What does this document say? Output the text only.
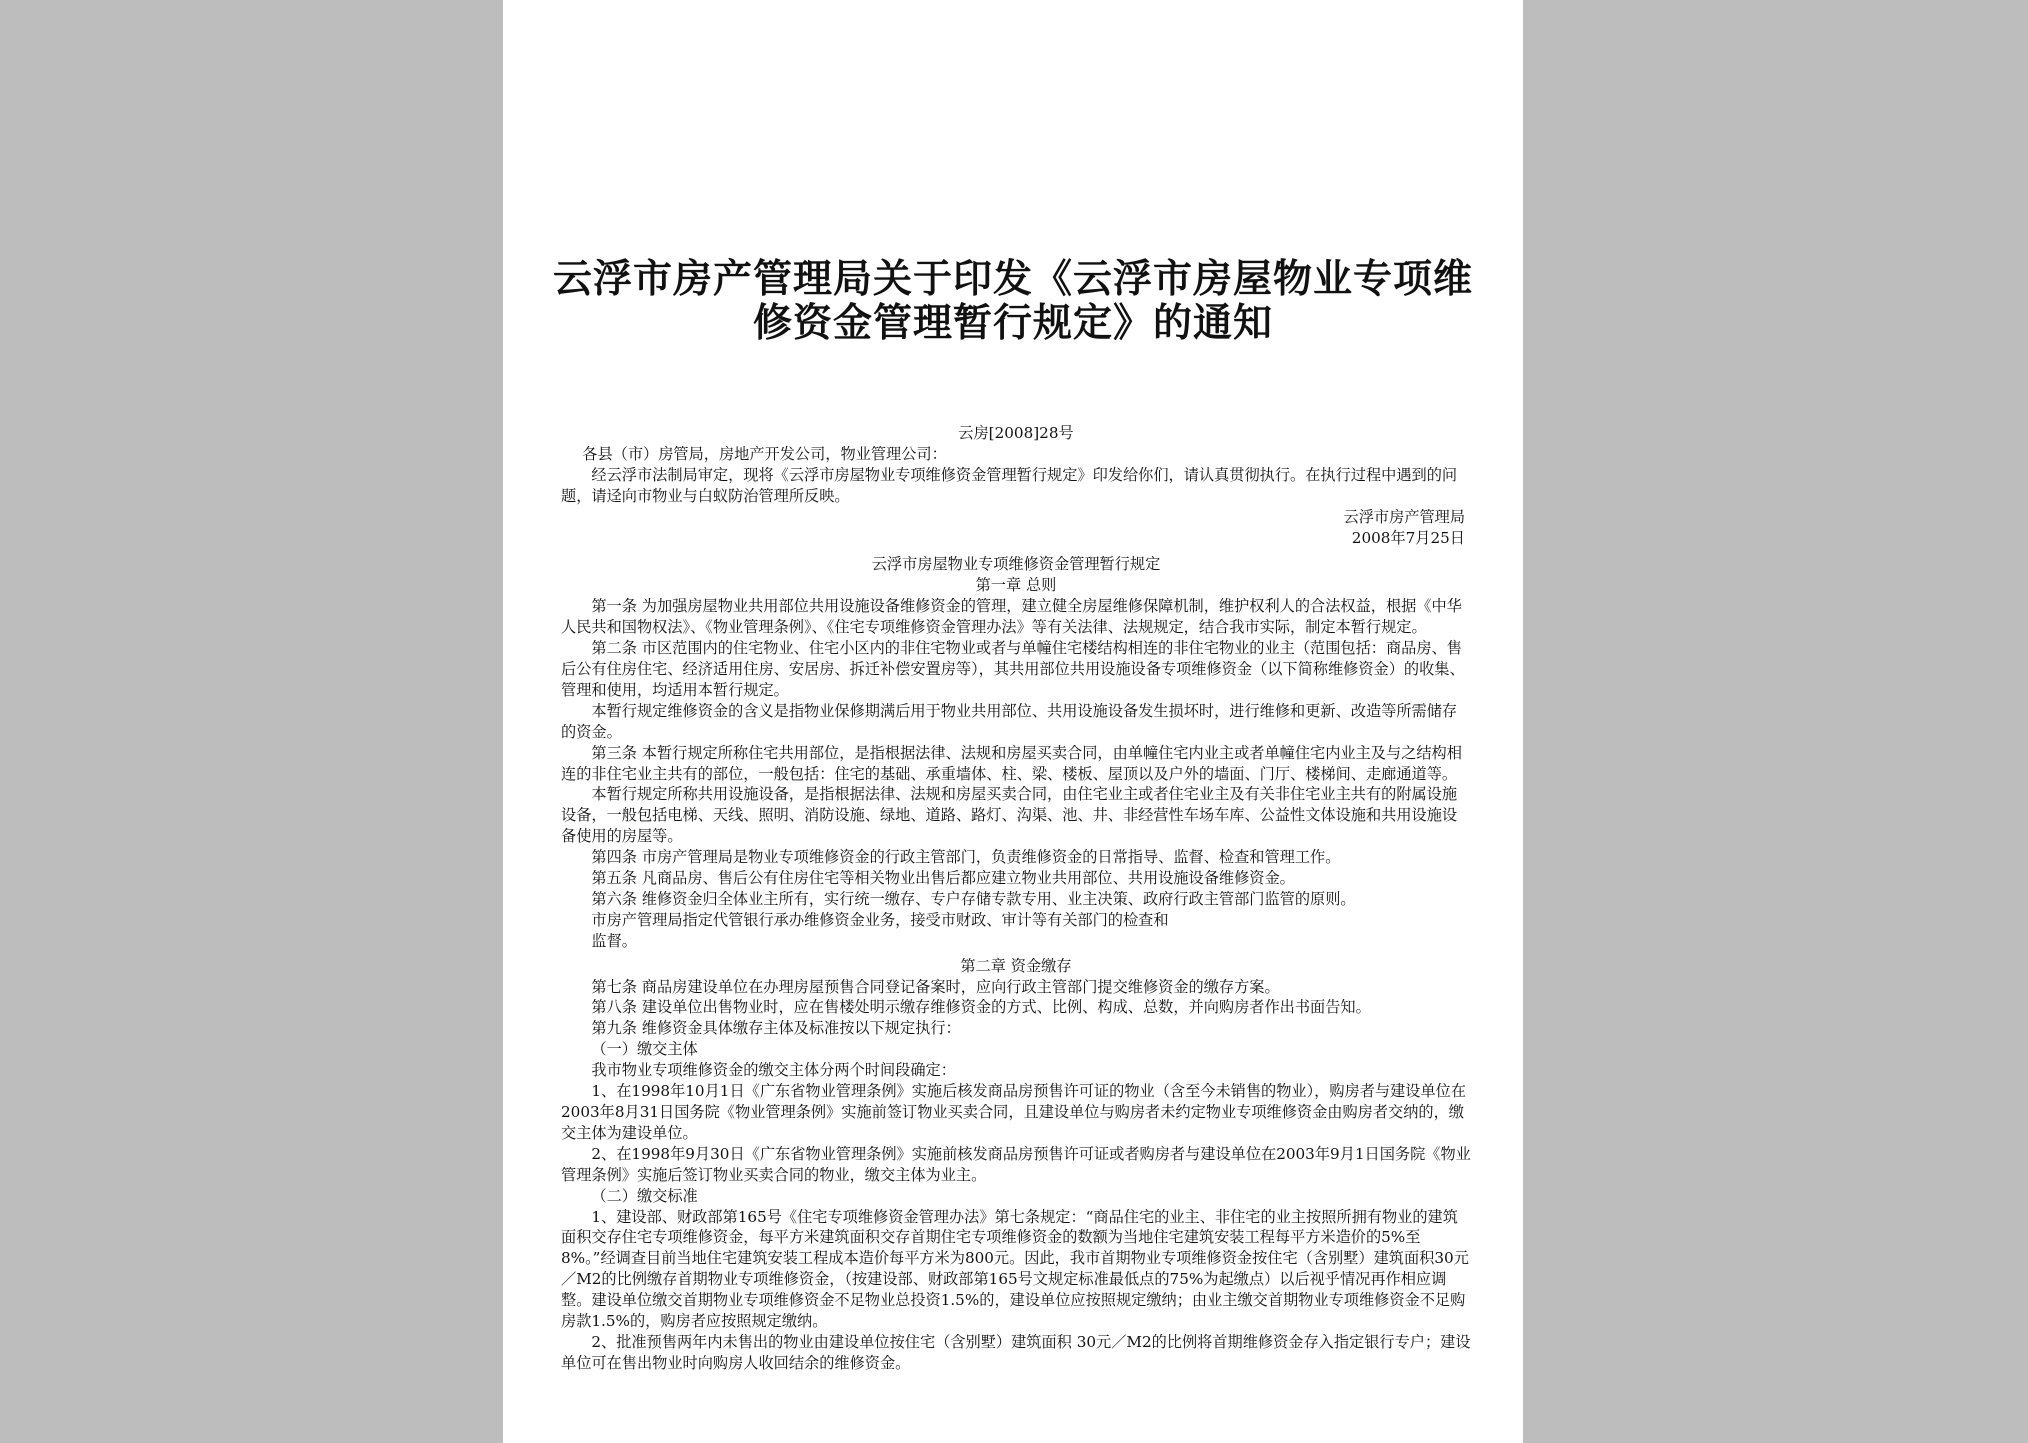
云浮市房产管理局关于印发《云浮市房屋物业专项维
修资金管理暂行规定》的通知

云房[2008]28号

各县（市）房管局，房地产开发公司，物业管理公司：

经云浮市法制局审定，现将《云浮市房屋物业专项维修资金管理暂行规定》印发给你们，请认真贯彻执行。在执行过程中遇到的问题，请迳向市物业与白蚁防治管理所反映。

云浮市房产管理局

2008年7月25日

云浮市房屋物业专项维修资金管理暂行规定

第一章 总则

第一条 为加强房屋物业共用部位共用设施设备维修资金的管理，建立健全房屋维修保障机制，维护权利人的合法权益，根据《中华人民共和国物权法》、《物业管理条例》、《住宅专项维修资金管理办法》等有关法律、法规规定，结合我市实际，制定本暂行规定。

第二条 市区范围内的住宅物业、住宅小区内的非住宅物业或者与单幢住宅楼结构相连的非住宅物业的业主（范围包括：商品房、售后公有住房住宅、经济适用住房、安居房、拆迁补偿安置房等），其共用部位共用设施设备专项维修资金（以下简称维修资金）的收集、管理和使用，均适用本暂行规定。

本暂行规定维修资金的含义是指物业保修期满后用于物业共用部位、共用设施设备发生损坏时，进行维修和更新、改造等所需储存的资金。

第三条 本暂行规定所称住宅共用部位，是指根据法律、法规和房屋买卖合同，由单幢住宅内业主或者单幢住宅内业主及与之结构相连的非住宅业主共有的部位，一般包括：住宅的基础、承重墙体、柱、梁、楼板、屋顶以及户外的墙面、门厅、楼梯间、走廊通道等。

本暂行规定所称共用设施设备，是指根据法律、法规和房屋买卖合同，由住宅业主或者住宅业主及有关非住宅业主共有的附属设施设备，一般包括电梯、天线、照明、消防设施、绿地、道路、路灯、沟渠、池、井、非经营性车场车库、公益性文体设施和共用设施设备使用的房屋等。

第四条 市房产管理局是物业专项维修资金的行政主管部门，负责维修资金的日常指导、监督、检查和管理工作。

第五条 凡商品房、售后公有住房住宅等相关物业出售后都应建立物业共用部位、共用设施设备维修资金。

第六条 维修资金归全体业主所有，实行统一缴存、专户存储专款专用、业主决策、政府行政主管部门监管的原则。

市房产管理局指定代管银行承办维修资金业务，接受市财政、审计等有关部门的检查和

监督。

第二章 资金缴存

第七条 商品房建设单位在办理房屋预售合同登记备案时，应向行政主管部门提交维修资金的缴存方案。

第八条 建设单位出售物业时，应在售楼处明示缴存维修资金的方式、比例、构成、总数，并向购房者作出书面告知。

第九条 维修资金具体缴存主体及标准按以下规定执行：

（一）缴交主体

我市物业专项维修资金的缴交主体分两个时间段确定：

1、在1998年10月1日《广东省物业管理条例》实施后核发商品房预售许可证的物业（含至今未销售的物业），购房者与建设单位在2003年8月31日国务院《物业管理条例》实施前签订物业买卖合同，且建设单位与购房者未约定物业专项维修资金由购房者交纳的，缴交主体为建设单位。

2、在1998年9月30日《广东省物业管理条例》实施前核发商品房预售许可证或者购房者与建设单位在2003年9月1日国务院《物业管理条例》实施后签订物业买卖合同的物业，缴交主体为业主。

（二）缴交标准

1、建设部、财政部第165号《住宅专项维修资金管理办法》第七条规定：“商品住宅的业主、非住宅的业主按照所拥有物业的建筑面积交存住宅专项维修资金，每平方米建筑面积交存首期住宅专项维修资金的数额为当地住宅建筑安装工程每平方米造价的5%至8%。”经调查目前当地住宅建筑安装工程成本造价每平方米为800元。因此，我市首期物业专项维修资金按住宅（含别墅）建筑面积30元／M2的比例缴存首期物业专项维修资金，（按建设部、财政部第165号文规定标准最低点的75%为起缴点）以后视乎情况再作相应调整。建设单位缴交首期物业专项维修资金不足物业总投资1.5%的，建设单位应按照规定缴纳；由业主缴交首期物业专项维修资金不足购房款1.5%的，购房者应按照规定缴纳。

2、批准预售两年内未售出的物业由建设单位按住宅（含别墅）建筑面积 30元／M2的比例将首期维修资金存入指定银行专户；建设单位可在售出物业时向购房人收回结余的维修资金。
